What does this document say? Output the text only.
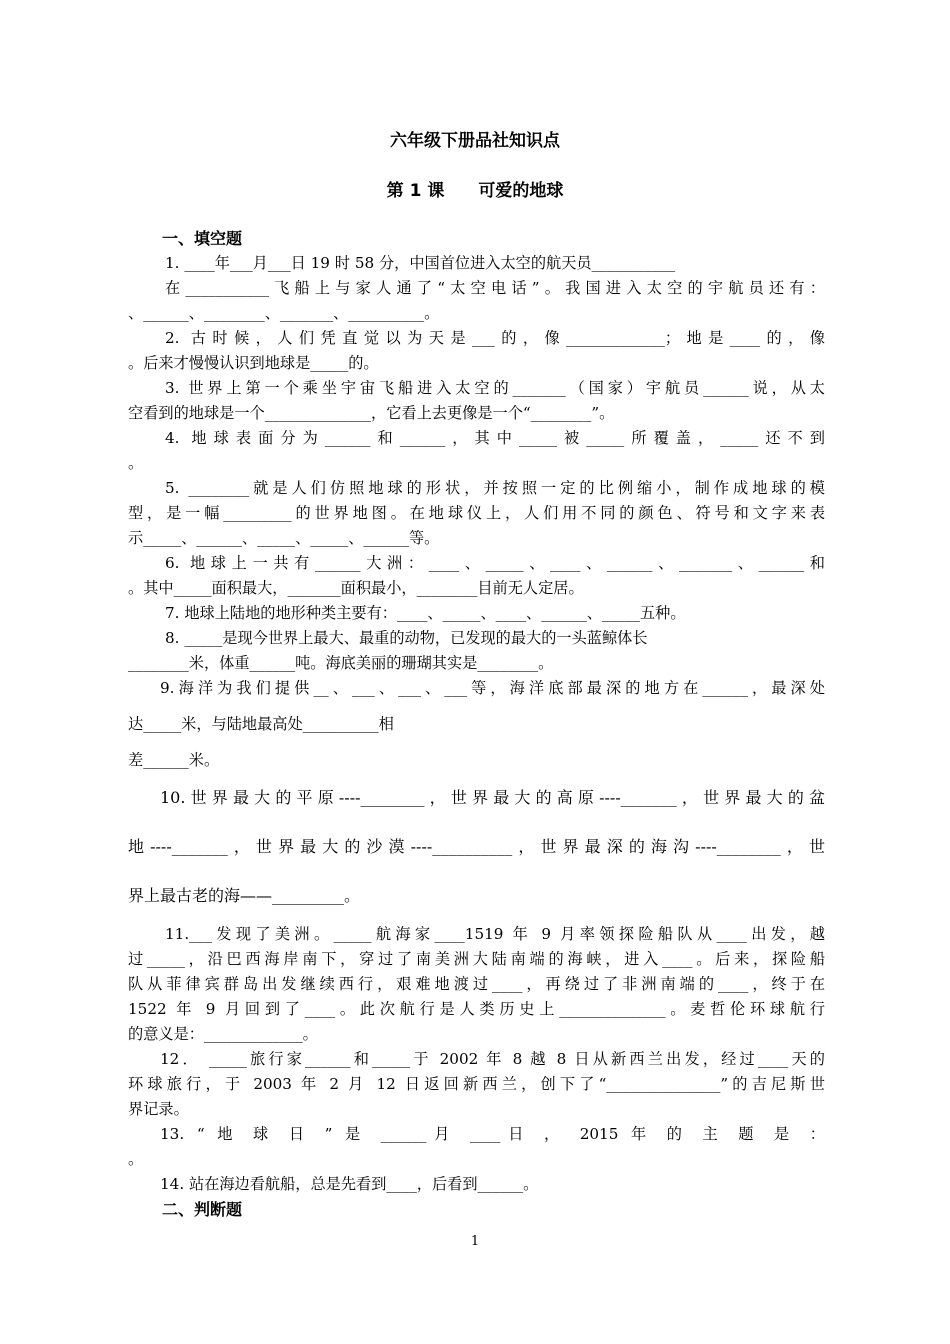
六年级下册品社知识点
第 1 课　　可爱的地球
一、填空题
1. ____年___月___日 19 时 58 分，中国首位进入太空的航天员___________
在___________飞船上与家人通了“太空电话”。我国进入太空的宇航员还有：
、______、________、_______、__________。
2. 古时候，人们凭直觉以为天是___的，像_____________；地是____的，像
。后来才慢慢认识到地球是_____的。
3. 世界上第一个乘坐宇宙飞船进入太空的_______（国家）宇航员______说，从太
空看到的地球是一个______________，它看上去更像是一个“________”。
4. 地球表面分为______和______，其中_____被_____所覆盖，_____还不到
。
5. ________就是人们仿照地球的形状，并按照一定的比例缩小，制作成地球的模
型，是一幅_________的世界地图。在地球仪上，人们用不同的颜色、符号和文字来表
示_____、______、_____、_____、______等。
6. 地球上一共有______大洲：____、_____、____、______、_______、______和
。其中_____面积最大，_______面积最小，________目前无人定居。
7. 地球上陆地的地形种类主要有：____、_____、____、______、_____五种。
8. _____是现今世界上最大、最重的动物，已发现的最大的一头蓝鲸体长
________米，体重______吨。海底美丽的珊瑚其实是________。
9.海洋为我们提供__、___、___、___等，海洋底部最深的地方在______，最深处
达_____米，与陆地最高处__________相
差______米。
10.世界最大的平原----________，世界最大的高原----_______，世界最大的盆
地----_______，世界最大的沙漠----__________，世界最深的海沟----________，世
界上最古老的海——_________。
11.___发现了美洲。_____航海家____1519 年 9 月率领探险船队从____出发，越
过_____，沿巴西海岸南下，穿过了南美洲大陆南端的海峡，进入____。后来，探险船
队从菲律宾群岛出发继续西行，艰难地渡过____，再绕过了非洲南端的____，终于在
1522 年 9 月回到了____。此次航行是人类历史上______________。麦哲伦环球航行
的意义是：_____________。
12． _____旅行家______和_____于 2002 年 8 越 8 日从新西兰出发，经过____天的
环球旅行，于 2003 年 2 月 12 日返回新西兰，创下了“_______________”的吉尼斯世
界记录。
13. “ 地 球 日 ” 是 ______月 ____日 ， 2015 年 的 主 题 是 ：
。
14. 站在海边看航船，总是先看到____，后看到______。
二、判断题
1
